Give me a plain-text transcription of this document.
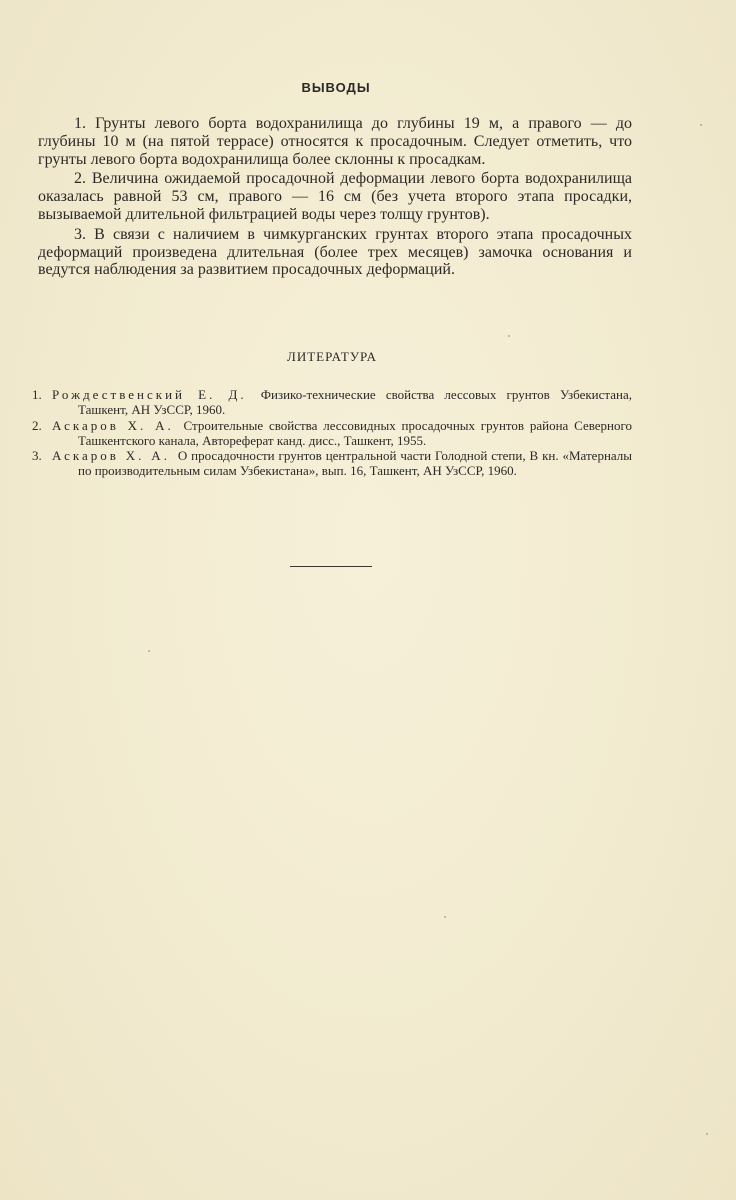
ВЫВОДЫ

1. Грунты левого борта водохранилища до глубины 19 м, а правого — до глубины 10 м (на пятой террасе) относятся к просадочным. Следует отметить, что грунты левого борта водохранилища более склонны к просадкам.

2. Величина ожидаемой просадочной деформации левого борта водохранилища оказалась равной 53 см, правого — 16 см (без учета второго этапа просадки, вызываемой длительной фильтрацией воды через толщу грунтов).

3. В связи с наличием в чимкурганских грунтах второго этапа просадочных деформаций произведена длительная (более трех месяцев) замочка основания и ведутся наблюдения за развитием просадочных деформаций.

ЛИТЕРАТУРА
1. Рождественский Е. Д. Физико-технические свойства лессовых грунтов Узбекистана, Ташкент, АН УзССР, 1960.
2. Аскаров Х. А. Строительные свойства лессовидных просадочных грунтов района Северного Ташкентского канала, Автореферат канд. дисс., Ташкент, 1955.
3. Аскаров Х. А. О просадочности грунтов центральной части Голодной степи, В кн. «Матерналы по производительным силам Узбекистана», вып. 16, Ташкент, АН УзССР, 1960.
